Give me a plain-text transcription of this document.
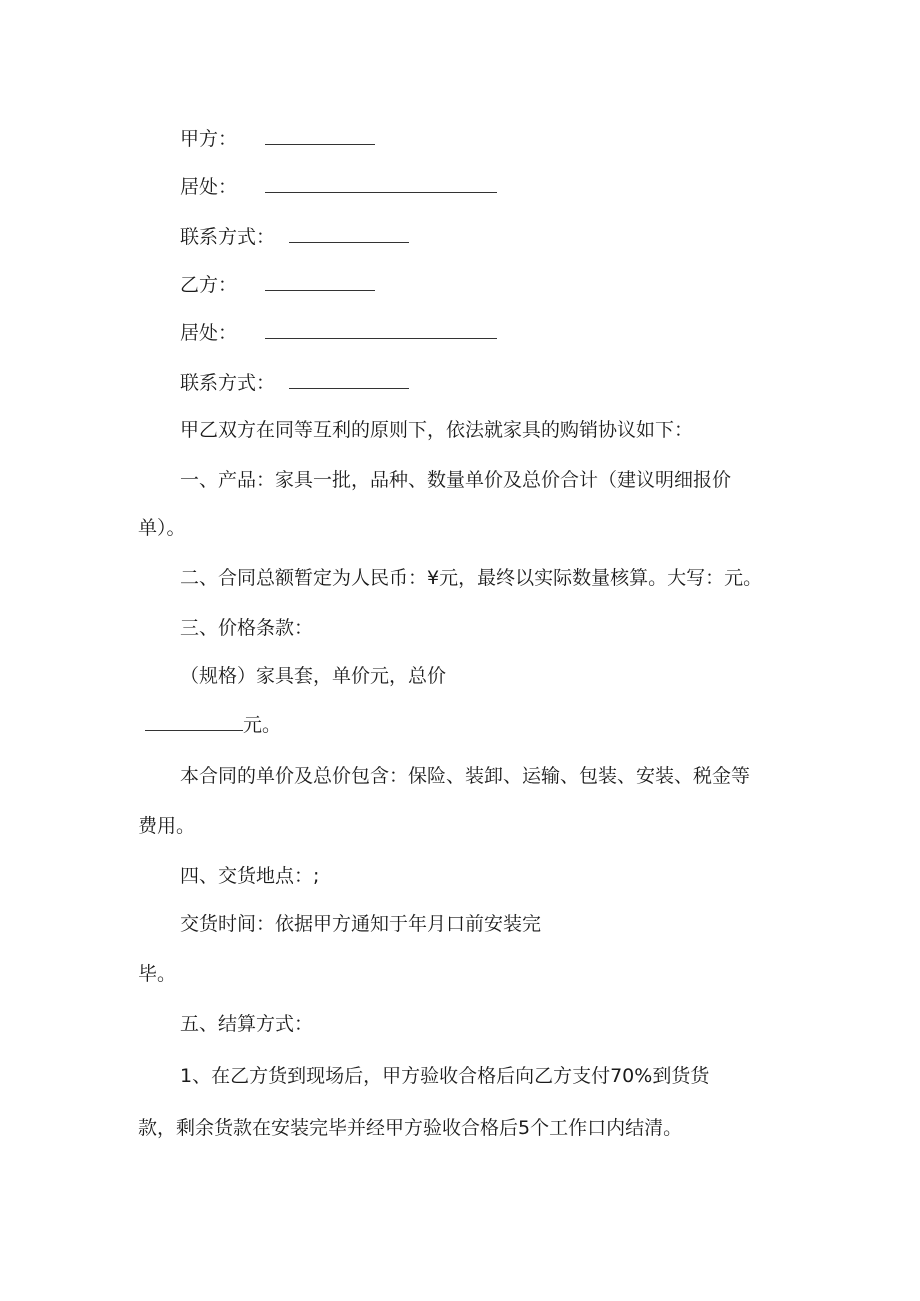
甲方：
居处：
联系方式：
乙方：
居处：
联系方式：
甲乙双方在同等互利的原则下，依法就家具的购销协议如下：
一、产品：家具一批，品种、数量单价及总价合计（建议明细报价
单）。
二、合同总额暂定为人民币：¥元，最终以实际数量核算。大写：元。
三、价格条款：
（规格）家具套，单价元，总价
元。
本合同的单价及总价包含：保险、装卸、运输、包装、安装、税金等
费用。
四、交货地点：;
交货时间：依据甲方通知于年月口前安装完
毕。
五、结算方式：
1、在乙方货到现场后，甲方验收合格后向乙方支付70%到货货
款，剩余货款在安装完毕并经甲方验收合格后5个工作口内结清。
